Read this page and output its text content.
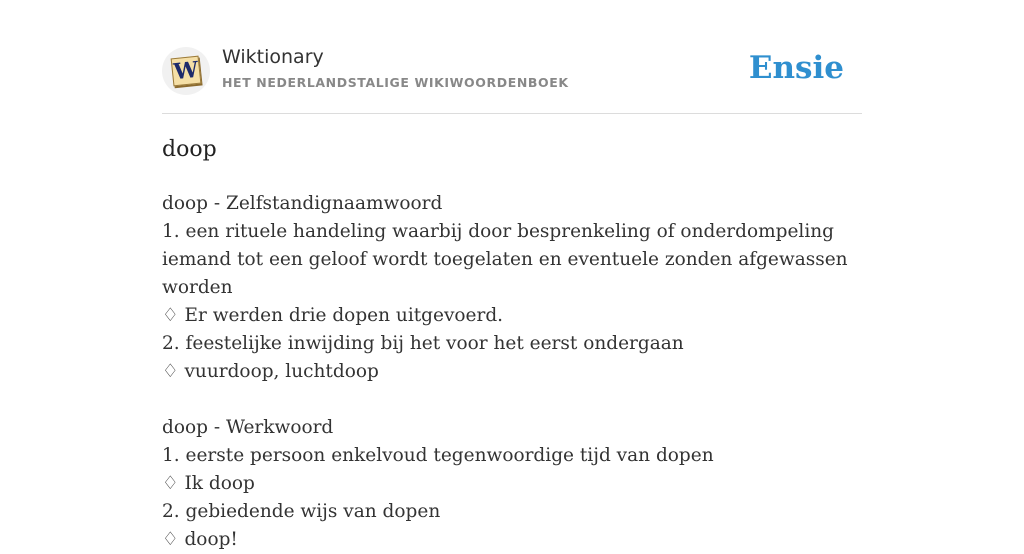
W Wiktionary
HET NEDERLANDSTALIGE WIKIWOORDENBOEK	Ensie
doop
doop - Zelfstandignaamwoord
1. een rituele handeling waarbij door besprenkeling of onderdompeling iemand tot een geloof wordt toegelaten en eventuele zonden afgewassen worden
♢ Er werden drie dopen uitgevoerd.
2. feestelijke inwijding bij het voor het eerst ondergaan
♢ vuurdoop, luchtdoop
doop - Werkwoord
1. eerste persoon enkelvoud tegenwoordige tijd van dopen
♢ Ik doop
2. gebiedende wijs van dopen
♢ doop!
